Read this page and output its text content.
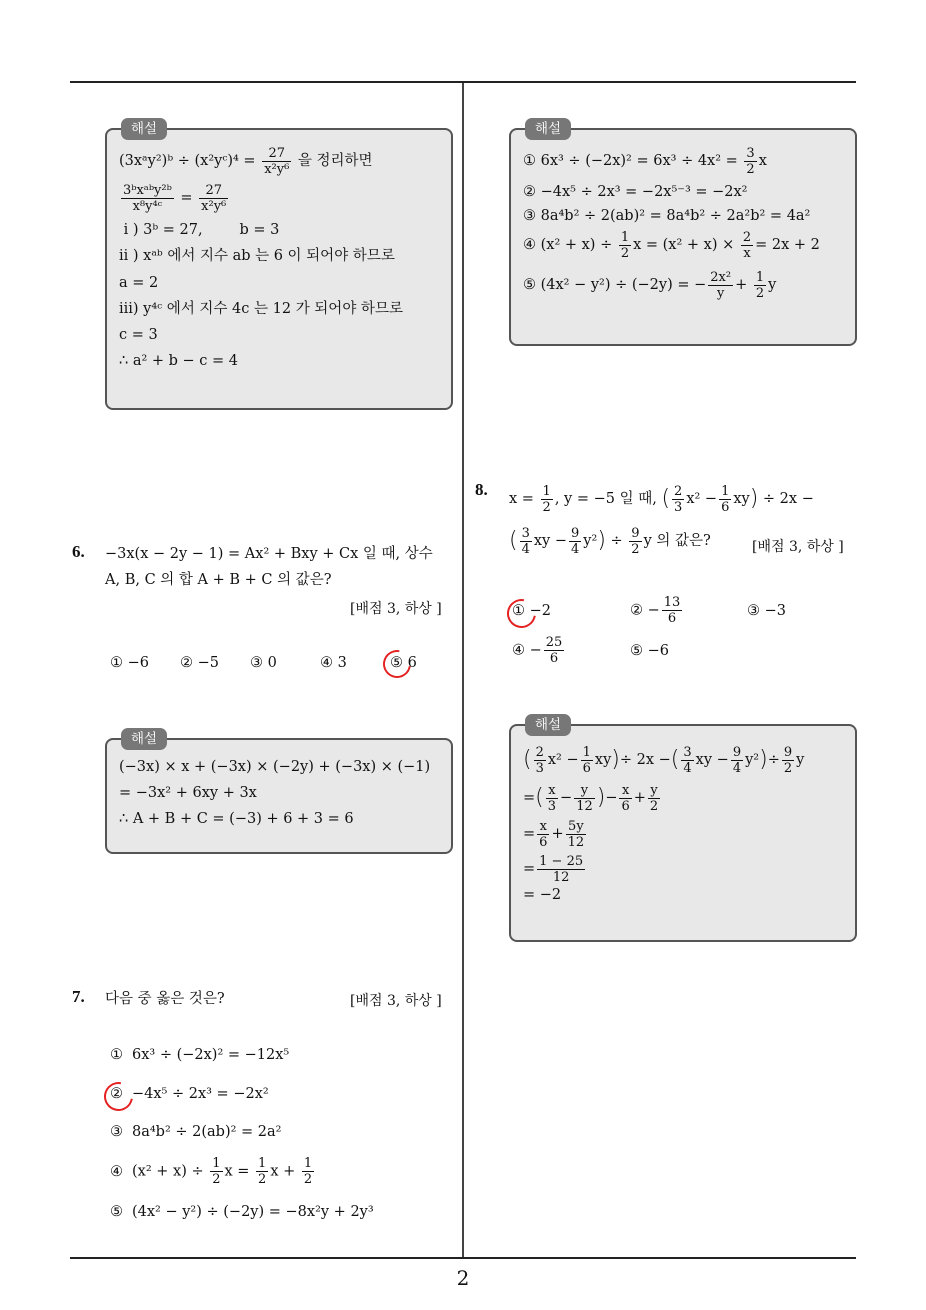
해설
(3xᵃy²)ᵇ ÷ (x²yᶜ)⁴ = $\frac{27}{\text{x²y⁶}}$ 을 정리하면
$\frac{\text{3ᵇxᵃᵇy²ᵇ}}{\text{x⁸y⁴ᶜ}} = \frac{27}{\text{x²y⁶}}$
i ) 3ᵇ = 27,        b = 3
ii ) xᵃᵇ 에서 지수 ab 는 6 이 되어야 하므로
a = 2
iii) y⁴ᶜ 에서 지수 4c 는 12 가 되어야 하므로
c = 3
∴ a² + b − c = 4
6. −3x(x − 2y − 1) = Ax² + Bxy + Cx 일 때, 상수
A, B, C 의 합 A + B + C 의 값은?
[배점 3, 하상 ]
① −6 ② −5 ③ 0	④ 3	⑤ 6
해설
(−3x) × x + (−3x) × (−2y) + (−3x) × (−1)
= −3x² + 6xy + 3x
∴ A + B + C = (−3) + 6 + 3 = 6
7. 다음 중 옳은 것은?	[배점 3, 하상 ]
① 6x³ ÷ (−2x)² = −12x⁵
② −4x⁵ ÷ 2x³ = −2x²
③ 8a⁴b² ÷ 2(ab)² = 2a²
④ $(x^2 + x) \div \frac{1}{2}$ $x = \frac{1}{2}$ $x + \frac{1}{2}$
⑤ (4x² − y²) ÷ (−2y) = −8x²y + 2y³
해설
① $6x^3 \div (-2x)^2 = 6x^3 \div 4x^2 = \frac{3}{2}$ x
② −4x⁵ ÷ 2x³ = −2x⁵⁻³ = −2x²
③ 8a⁴b² ÷ 2(ab)² = 8a⁴b² ÷ 2a²b² = 4a²
④ $(x^2 + x) \div \frac{1}{2}$ $x = (x^2 + x) \times \frac{2}{x} = 2x + 2$
⑤ (4x² − y²) ÷ (−2y) = − $\frac{\text{2x²}}{y} + \frac{1}{2}$ y
8. $x = \frac{1}{2}$ , y = −5 일 때, ( $\frac{2}{3} x^2 - \frac{1}{6} xy) \div 2x$ −
( $\frac{3}{4}$ xy − $\frac{9}{4} y^2) \div \frac{9}{2}$ y 의 값은?	[배점 3, 하상 ]
① −2	② − $\frac{13}{6}$	③ −3
④ − $\frac{25}{6}$	⑤ −6
해설
( $\frac{2}{3} x^2 - \frac{1}{6} xy)\div 2x$ −( $\frac{3}{4}$ xy − $\frac{9}{4} y^2)\div \frac{9}{2}$ y
=( $\frac{x}{3} - \frac{y}{12}$ )− $\frac{x}{6} + \frac{y}{2}$
= $\frac{x}{6} + \frac{5y}{12}$
= $\frac{1 - 25}{12}$
= −2
2
